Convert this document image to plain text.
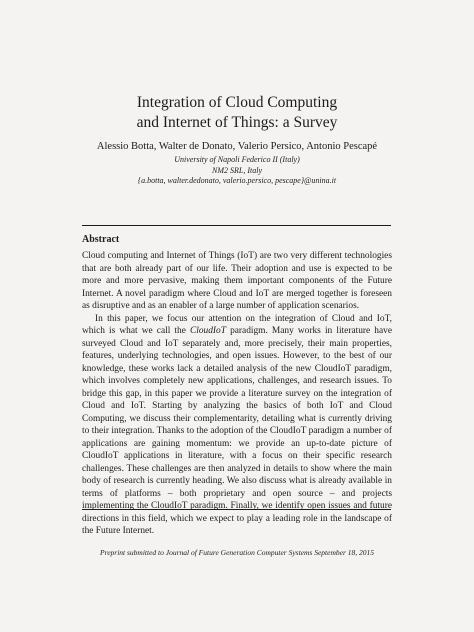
Integration of Cloud Computing
and Internet of Things: a Survey
Alessio Botta, Walter de Donato, Valerio Persico, Antonio Pescapé
University of Napoli Federico II (Italy)
NM2 SRL, Italy
{a.botta, walter.dedonato, valerio.persico, pescape}@unina.it
Abstract

Cloud computing and Internet of Things (IoT) are two very different technologies that are both already part of our life. Their adoption and use is expected to be more and more pervasive, making them important components of the Future Internet. A novel paradigm where Cloud and IoT are merged together is foreseen as disruptive and as an enabler of a large number of application scenarios.

In this paper, we focus our attention on the integration of Cloud and IoT, which is what we call the CloudIoT paradigm. Many works in literature have surveyed Cloud and IoT separately and, more precisely, their main properties, features, underlying technologies, and open issues. However, to the best of our knowledge, these works lack a detailed analysis of the new CloudIoT paradigm, which involves completely new applications, challenges, and research issues. To bridge this gap, in this paper we provide a literature survey on the integration of Cloud and IoT. Starting by analyzing the basics of both IoT and Cloud Computing, we discuss their complementarity, detailing what is currently driving to their integration. Thanks to the adoption of the CloudIoT paradigm a number of applications are gaining momentum: we provide an up-to-date picture of CloudIoT applications in literature, with a focus on their specific research challenges. These challenges are then analyzed in details to show where the main body of research is currently heading. We also discuss what is already available in terms of platforms – both proprietary and open source – and projects implementing the CloudIoT paradigm. Finally, we identify open issues and future directions in this field, which we expect to play a leading role in the landscape of the Future Internet.

Preprint submitted to Journal of Future Generation Computer Systems September 18, 2015
